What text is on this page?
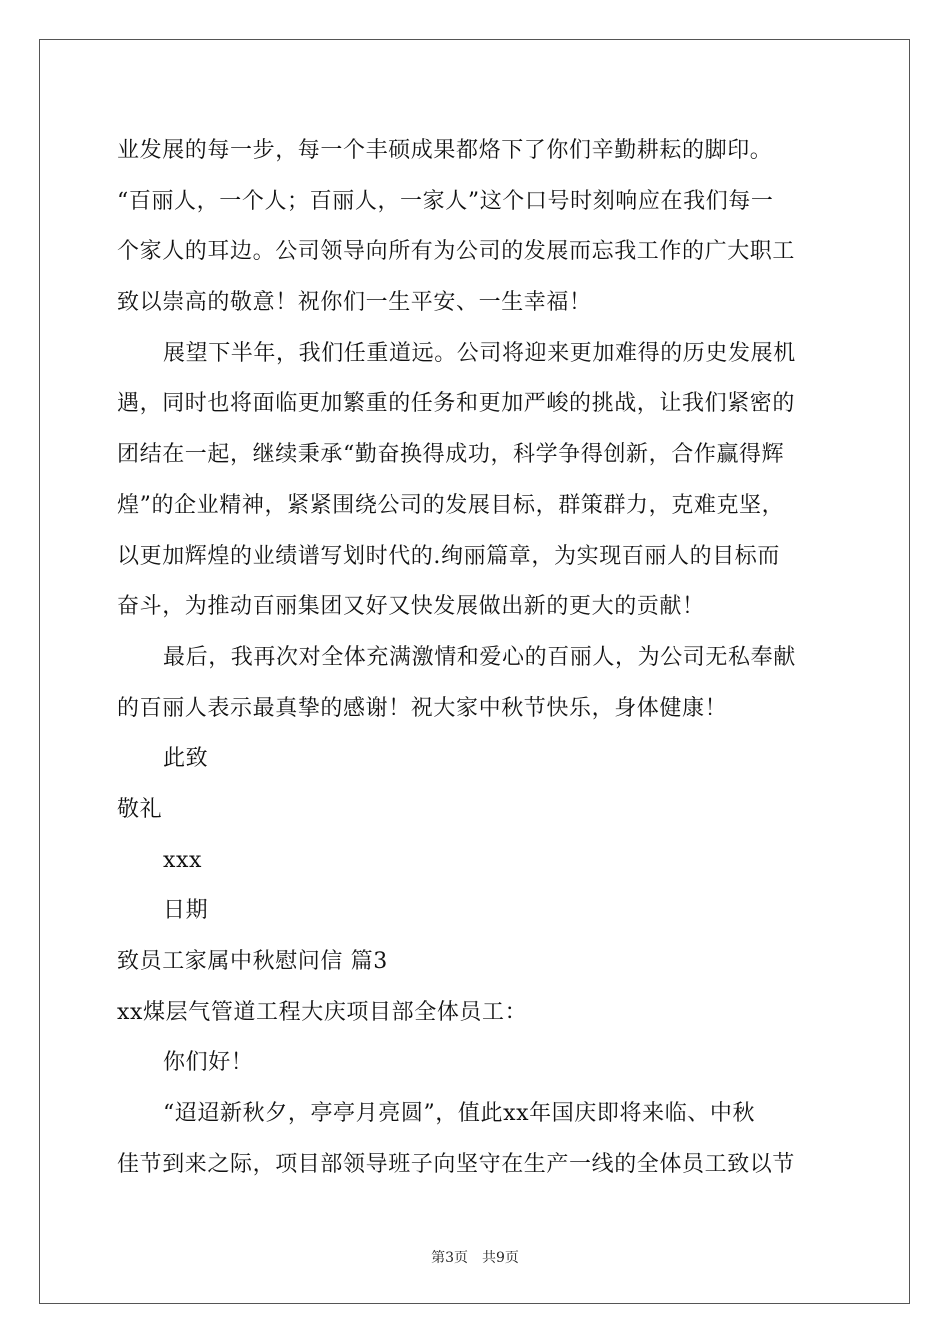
业发展的每一步，每一个丰硕成果都烙下了你们辛勤耕耘的脚印。
“百丽人，一个人；百丽人，一家人”这个口号时刻响应在我们每一
个家人的耳边。公司领导向所有为公司的发展而忘我工作的广大职工
致以崇高的敬意！祝你们一生平安、一生幸福！
展望下半年，我们任重道远。公司将迎来更加难得的历史发展机
遇，同时也将面临更加繁重的任务和更加严峻的挑战，让我们紧密的
团结在一起，继续秉承“勤奋换得成功，科学争得创新，合作赢得辉
煌”的企业精神，紧紧围绕公司的发展目标，群策群力，克难克坚，
以更加辉煌的业绩谱写划时代的.绚丽篇章，为实现百丽人的目标而
奋斗，为推动百丽集团又好又快发展做出新的更大的贡献！
最后，我再次对全体充满激情和爱心的百丽人，为公司无私奉献
的百丽人表示最真挚的感谢！祝大家中秋节快乐，身体健康！
此致
敬礼
xxx
日期
致员工家属中秋慰问信 篇3
xx煤层气管道工程大庆项目部全体员工：
你们好！
“迢迢新秋夕，亭亭月亮圆”，值此xx年国庆即将来临、中秋
佳节到来之际，项目部领导班子向坚守在生产一线的全体员工致以节
第3页　共9页
